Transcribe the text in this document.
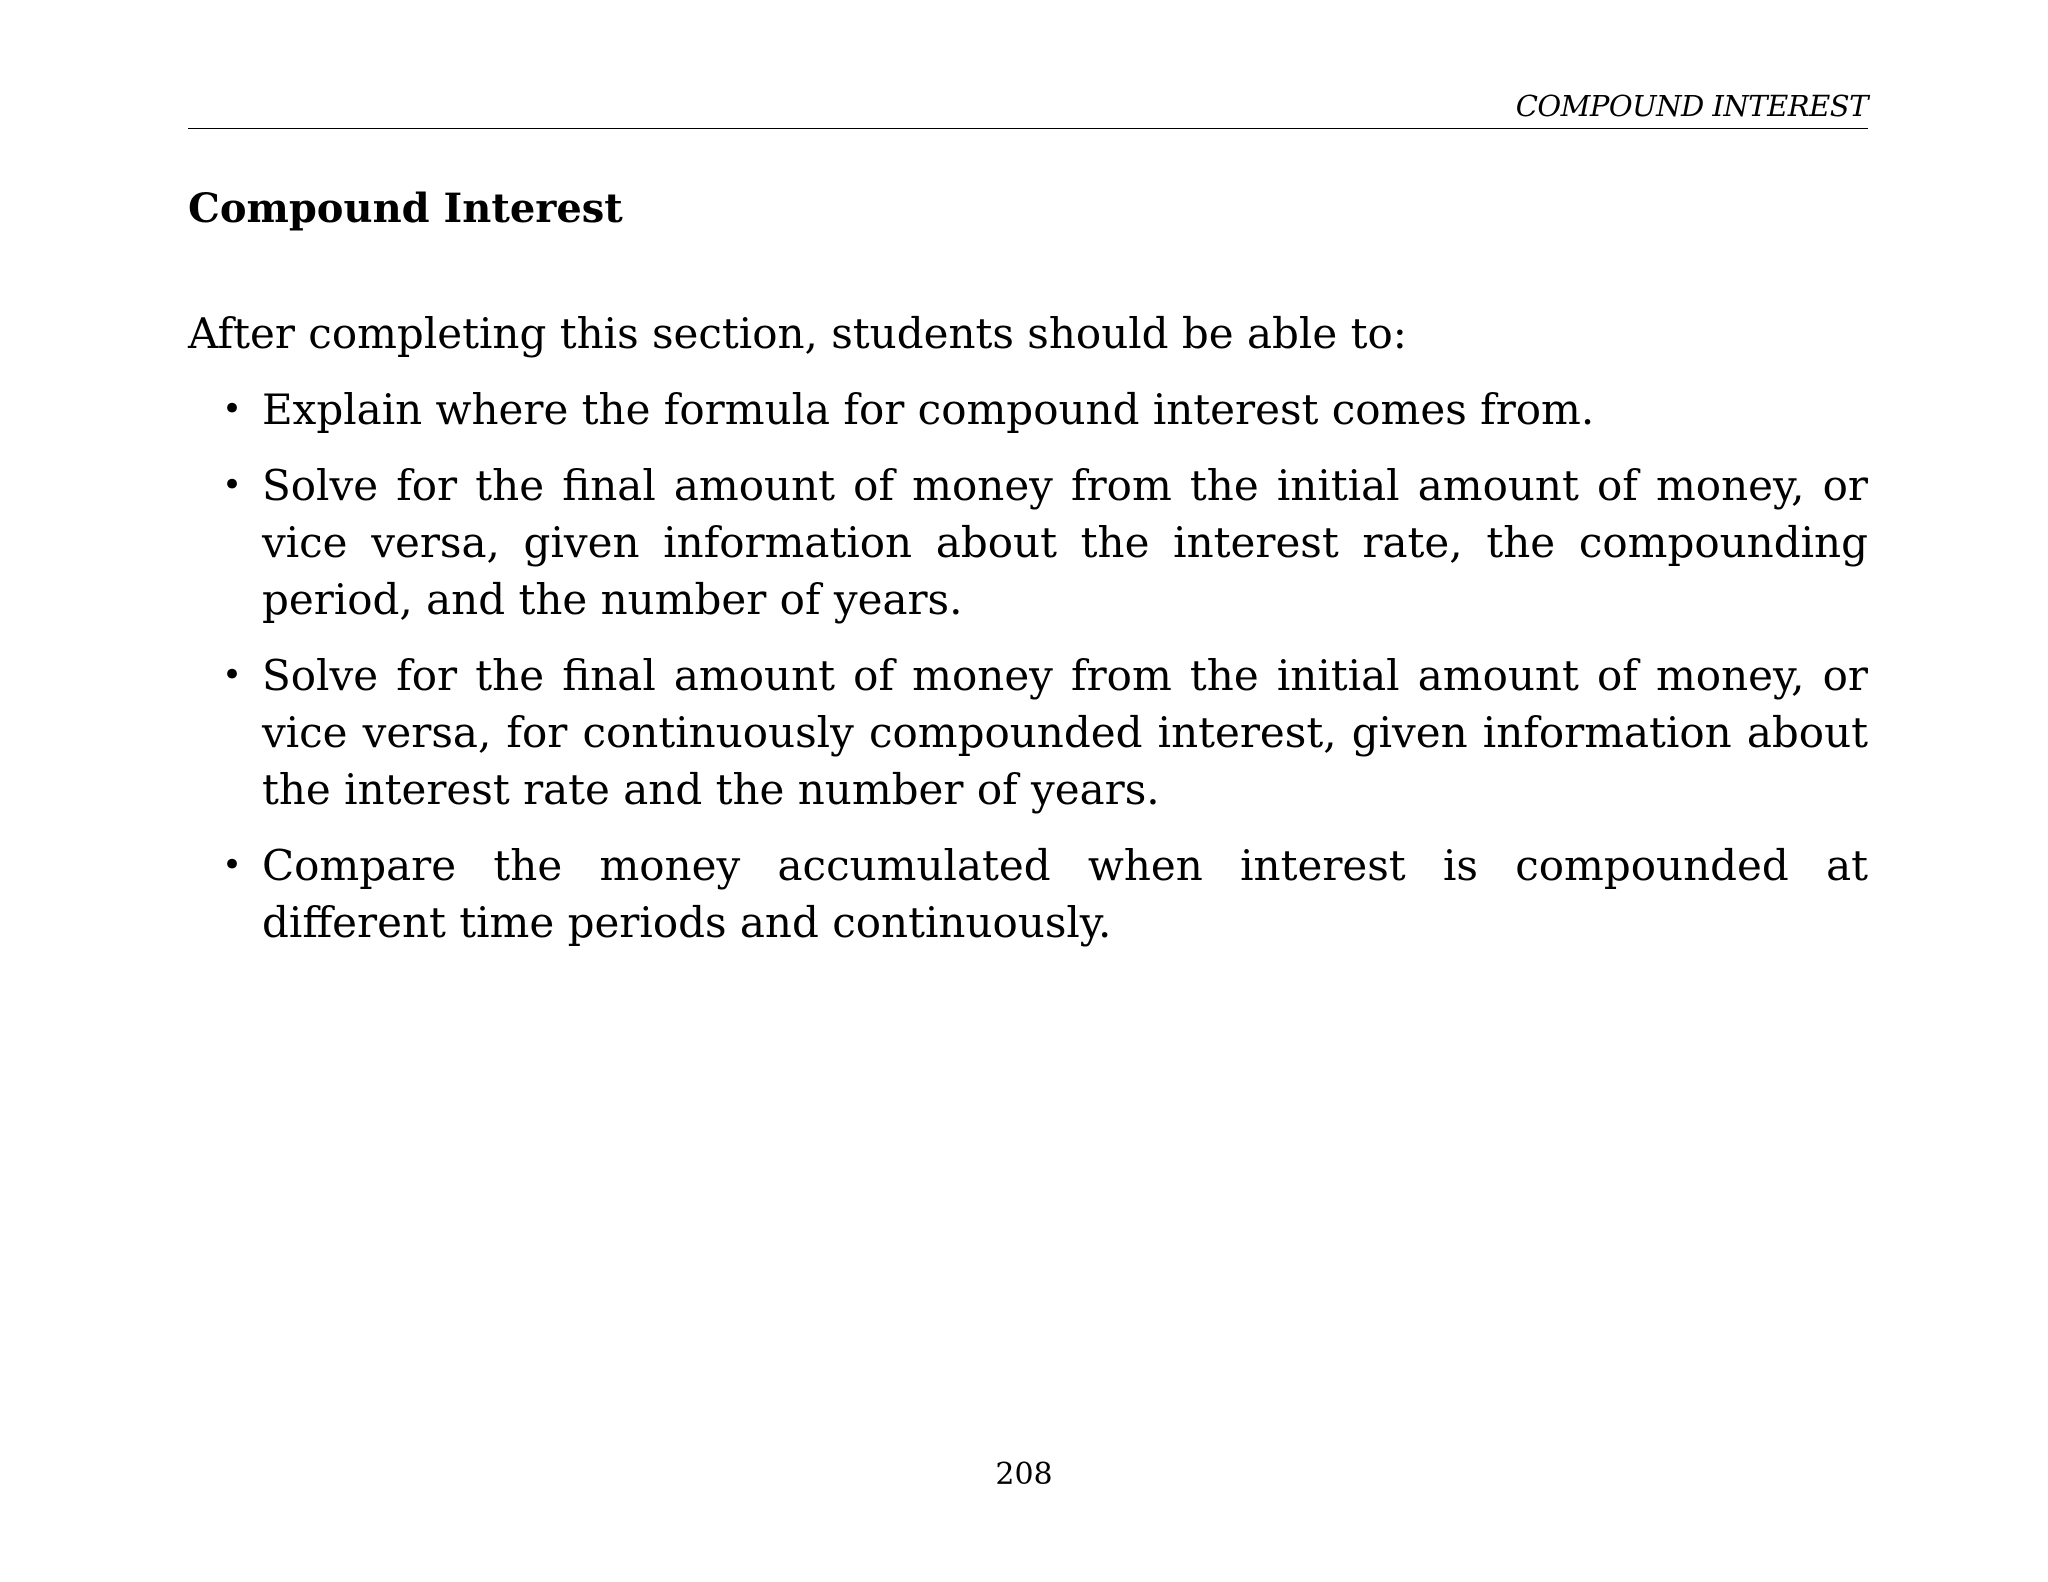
COMPOUND INTEREST
Compound Interest

After completing this section, students should be able to:

• Explain where the formula for compound interest comes from.
• Solve for the final amount of money from the initial amount of money, or vice versa, given information about the interest rate, the compounding period, and the number of years.
• Solve for the final amount of money from the initial amount of money, or vice versa, for continuously compounded interest, given information about the interest rate and the number of years.
• Compare the money accumulated when interest is compounded at different time periods and continuously.
208
